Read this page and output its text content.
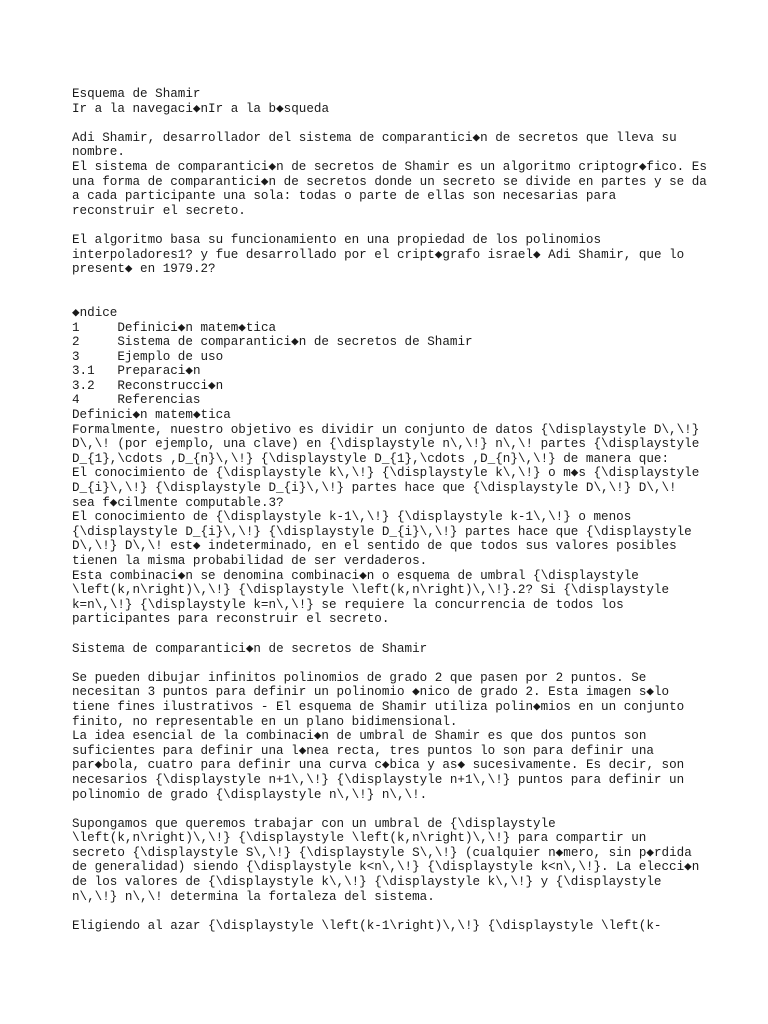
Esquema de Shamir
Ir a la navegaci◆nIr a la b◆squeda
Adi Shamir, desarrollador del sistema de comparantici◆n de secretos que lleva su
nombre.
El sistema de comparantici◆n de secretos de Shamir es un algoritmo criptogr◆fico. Es
una forma de comparantici◆n de secretos donde un secreto se divide en partes y se da
a cada participante una sola: todas o parte de ellas son necesarias para
reconstruir el secreto.
El algoritmo basa su funcionamiento en una propiedad de los polinomios
interpoladores1? y fue desarrollado por el cript◆grafo israel◆ Adi Shamir, que lo
present◆ en 1979.2?
◆ndice
1     Definici◆n matem◆tica
2     Sistema de comparantici◆n de secretos de Shamir
3     Ejemplo de uso
3.1   Preparaci◆n
3.2   Reconstrucci◆n
4     Referencias
Definici◆n matem◆tica
Formalmente, nuestro objetivo es dividir un conjunto de datos {\displaystyle D\,\!}
D\,\! (por ejemplo, una clave) en {\displaystyle n\,\!} n\,\! partes {\displaystyle
D_{1},\cdots ,D_{n}\,\!} {\displaystyle D_{1},\cdots ,D_{n}\,\!} de manera que:
El conocimiento de {\displaystyle k\,\!} {\displaystyle k\,\!} o m◆s {\displaystyle
D_{i}\,\!} {\displaystyle D_{i}\,\!} partes hace que {\displaystyle D\,\!} D\,\!
sea f◆cilmente computable.3?
El conocimiento de {\displaystyle k-1\,\!} {\displaystyle k-1\,\!} o menos
{\displaystyle D_{i}\,\!} {\displaystyle D_{i}\,\!} partes hace que {\displaystyle
D\,\!} D\,\! est◆ indeterminado, en el sentido de que todos sus valores posibles
tienen la misma probabilidad de ser verdaderos.
Esta combinaci◆n se denomina combinaci◆n o esquema de umbral {\displaystyle
\left(k,n\right)\,\!} {\displaystyle \left(k,n\right)\,\!}.2? Si {\displaystyle
k=n\,\!} {\displaystyle k=n\,\!} se requiere la concurrencia de todos los
participantes para reconstruir el secreto.
Sistema de comparantici◆n de secretos de Shamir
Se pueden dibujar infinitos polinomios de grado 2 que pasen por 2 puntos. Se
necesitan 3 puntos para definir un polinomio ◆nico de grado 2. Esta imagen s◆lo
tiene fines ilustrativos - El esquema de Shamir utiliza polin◆mios en un conjunto
finito, no representable en un plano bidimensional.
La idea esencial de la combinaci◆n de umbral de Shamir es que dos puntos son
suficientes para definir una l◆nea recta, tres puntos lo son para definir una
par◆bola, cuatro para definir una curva c◆bica y as◆ sucesivamente. Es decir, son
necesarios {\displaystyle n+1\,\!} {\displaystyle n+1\,\!} puntos para definir un
polinomio de grado {\displaystyle n\,\!} n\,\!.
Supongamos que queremos trabajar con un umbral de {\displaystyle
\left(k,n\right)\,\!} {\displaystyle \left(k,n\right)\,\!} para compartir un
secreto {\displaystyle S\,\!} {\displaystyle S\,\!} (cualquier n◆mero, sin p◆rdida
de generalidad) siendo {\displaystyle k<n\,\!} {\displaystyle k<n\,\!}. La elecci◆n
de los valores de {\displaystyle k\,\!} {\displaystyle k\,\!} y {\displaystyle
n\,\!} n\,\! determina la fortaleza del sistema.
Eligiendo al azar {\displaystyle \left(k-1\right)\,\!} {\displaystyle \left(k-
